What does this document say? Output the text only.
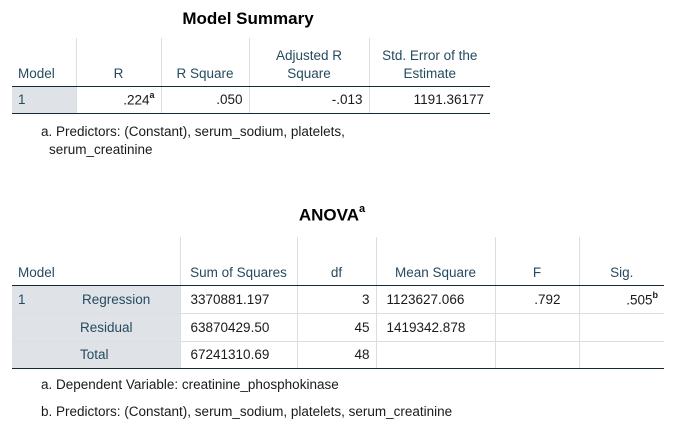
Model Summary
Model	R	R Square	Adjusted R Square	Std. Error of the Estimate
1	.224$^a$	.050	-.013	1191.36177
a. Predictors: (Constant), serum_sodium, platelets, serum_creatinine
ANOVA$^a$
Model	Sum of Squares	df	Mean Square	F	Sig.

1 Regression	3370881.197	3	1123627.066	.792	.505$^b$
Residual	63870429.50	45	1419342.878		
Total	67241310.69	48			
a. Dependent Variable: creatinine_phosphokinase
b. Predictors: (Constant), serum_sodium, platelets, serum_creatinine
